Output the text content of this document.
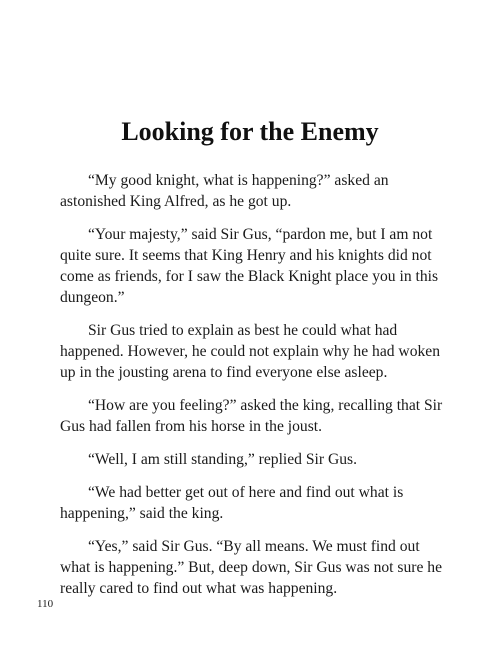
Looking for the Enemy

“My good knight, what is happening?” asked an astonished King Alfred, as he got up.

“Your majesty,” said Sir Gus, “pardon me, but I am not quite sure. It seems that King Henry and his knights did not come as friends, for I saw the Black Knight place you in this dungeon.”

Sir Gus tried to explain as best he could what had happened. However, he could not explain why he had woken up in the jousting arena to find everyone else asleep.

“How are you feeling?” asked the king, recalling that Sir Gus had fallen from his horse in the joust.

“Well, I am still standing,” replied Sir Gus.

“We had better get out of here and find out what is happening,” said the king.

“Yes,” said Sir Gus. “By all means. We must find out what is happening.” But, deep down, Sir Gus was not sure he really cared to find out what was happening.

110
